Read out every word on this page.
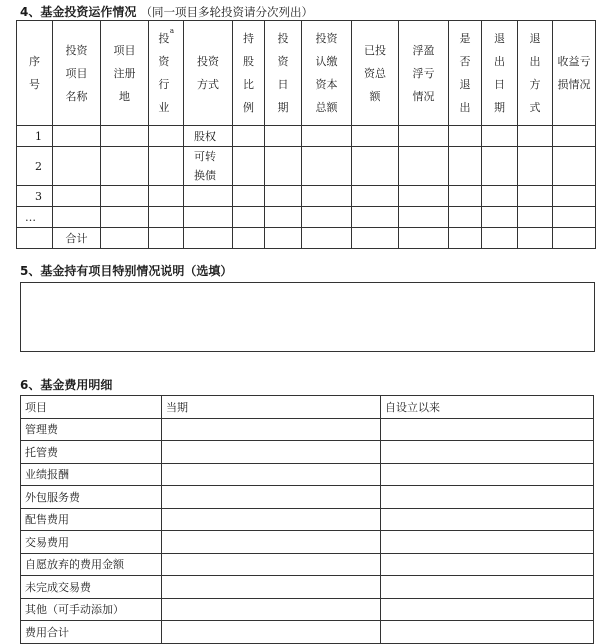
4、基金投资运作情况 （同一项目多轮投资请分次列出）
序号	投资项目名称	项目注册地	投资行业$^a$	投资方式	持股比例	投资日期	投资认缴资本总额	已投资总额	浮盈浮亏情况	是否退出	退出日期	退出方式	收益亏损情况
1				股权									
2				可转换债									
3													
…													
	合计												
5、基金持有项目特别情况说明（选填）
6、基金费用明细
项目	当期	自设立以来
管理费		
托管费		
业绩报酬		
外包服务费		
配售费用		
交易费用		
自愿放弃的费用金额		
未完成交易费		
其他（可手动添加）		
费用合计		
